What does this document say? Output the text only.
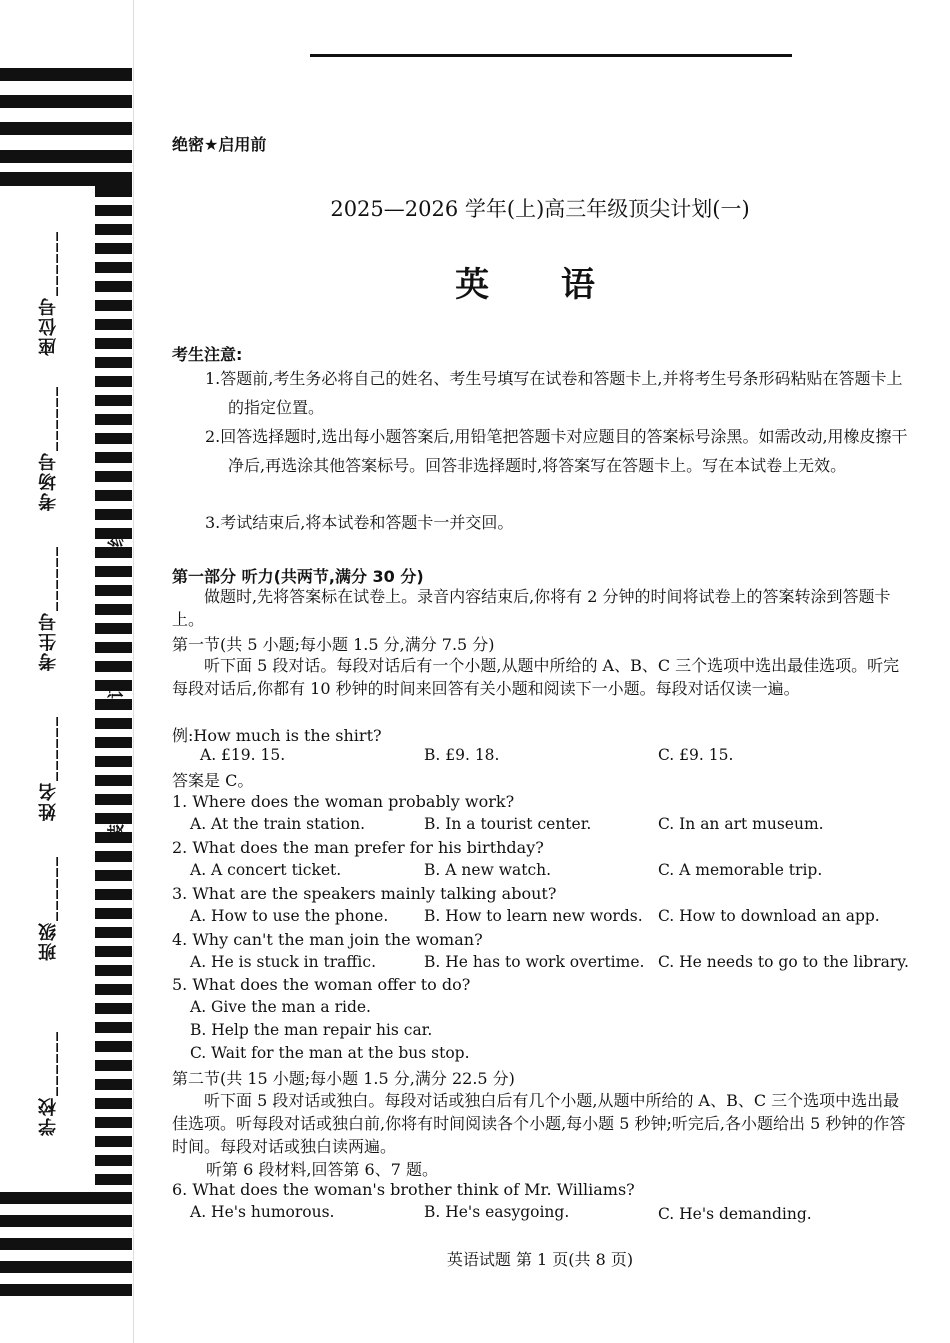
学校______
班级______
姓名______
考生号______
考场号______
座位号______
线
订
装
绝密★启用前
2025—2026 学年(上)高三年级顶尖计划(一)
英 语
考生注意:
1.答题前,考生务必将自己的姓名、考生号填写在试卷和答题卡上,并将考生号条形码粘贴在答题卡上的指定位置。
2.回答选择题时,选出每小题答案后,用铅笔把答题卡对应题目的答案标号涂黑。如需改动,用橡皮擦干净后,再选涂其他答案标号。回答非选择题时,将答案写在答题卡上。写在本试卷上无效。
3.考试结束后,将本试卷和答题卡一并交回。
第一部分 听力(共两节,满分 30 分)
做题时,先将答案标在试卷上。录音内容结束后,你将有 2 分钟的时间将试卷上的答案转涂到答题卡上。
第一节(共 5 小题;每小题 1.5 分,满分 7.5 分)
听下面 5 段对话。每段对话后有一个小题,从题中所给的 A、B、C 三个选项中选出最佳选项。听完每段对话后,你都有 10 秒钟的时间来回答有关小题和阅读下一小题。每段对话仅读一遍。
例:How much is the shirt?
A. £19. 15.	B. £9. 18.	C. £9. 15.
答案是 C。
1. Where does the woman probably work?
A. At the train station.	B. In a tourist center.	C. In an art museum.
2. What does the man prefer for his birthday?
A. A concert ticket.	B. A new watch.	C. A memorable trip.
3. What are the speakers mainly talking about?
A. How to use the phone. B. How to learn new words. C. How to download an app.
4. Why can't the man join the woman?
A. He is stuck in traffic.	B. He has to work overtime. C. He needs to go to the library.
5. What does the woman offer to do?
A. Give the man a ride.
B. Help the man repair his car.
C. Wait for the man at the bus stop.
第二节(共 15 小题;每小题 1.5 分,满分 22.5 分)
听下面 5 段对话或独白。每段对话或独白后有几个小题,从题中所给的 A、B、C 三个选项中选出最佳选项。听每段对话或独白前,你将有时间阅读各个小题,每小题 5 秒钟;听完后,各小题给出 5 秒钟的作答时间。每段对话或独白读两遍。
听第 6 段材料,回答第 6、7 题。
6. What does the woman's brother think of Mr. Williams?
A. He's humorous.	B. He's easygoing.	C. He's demanding.
英语试题 第 1 页(共 8 页)
